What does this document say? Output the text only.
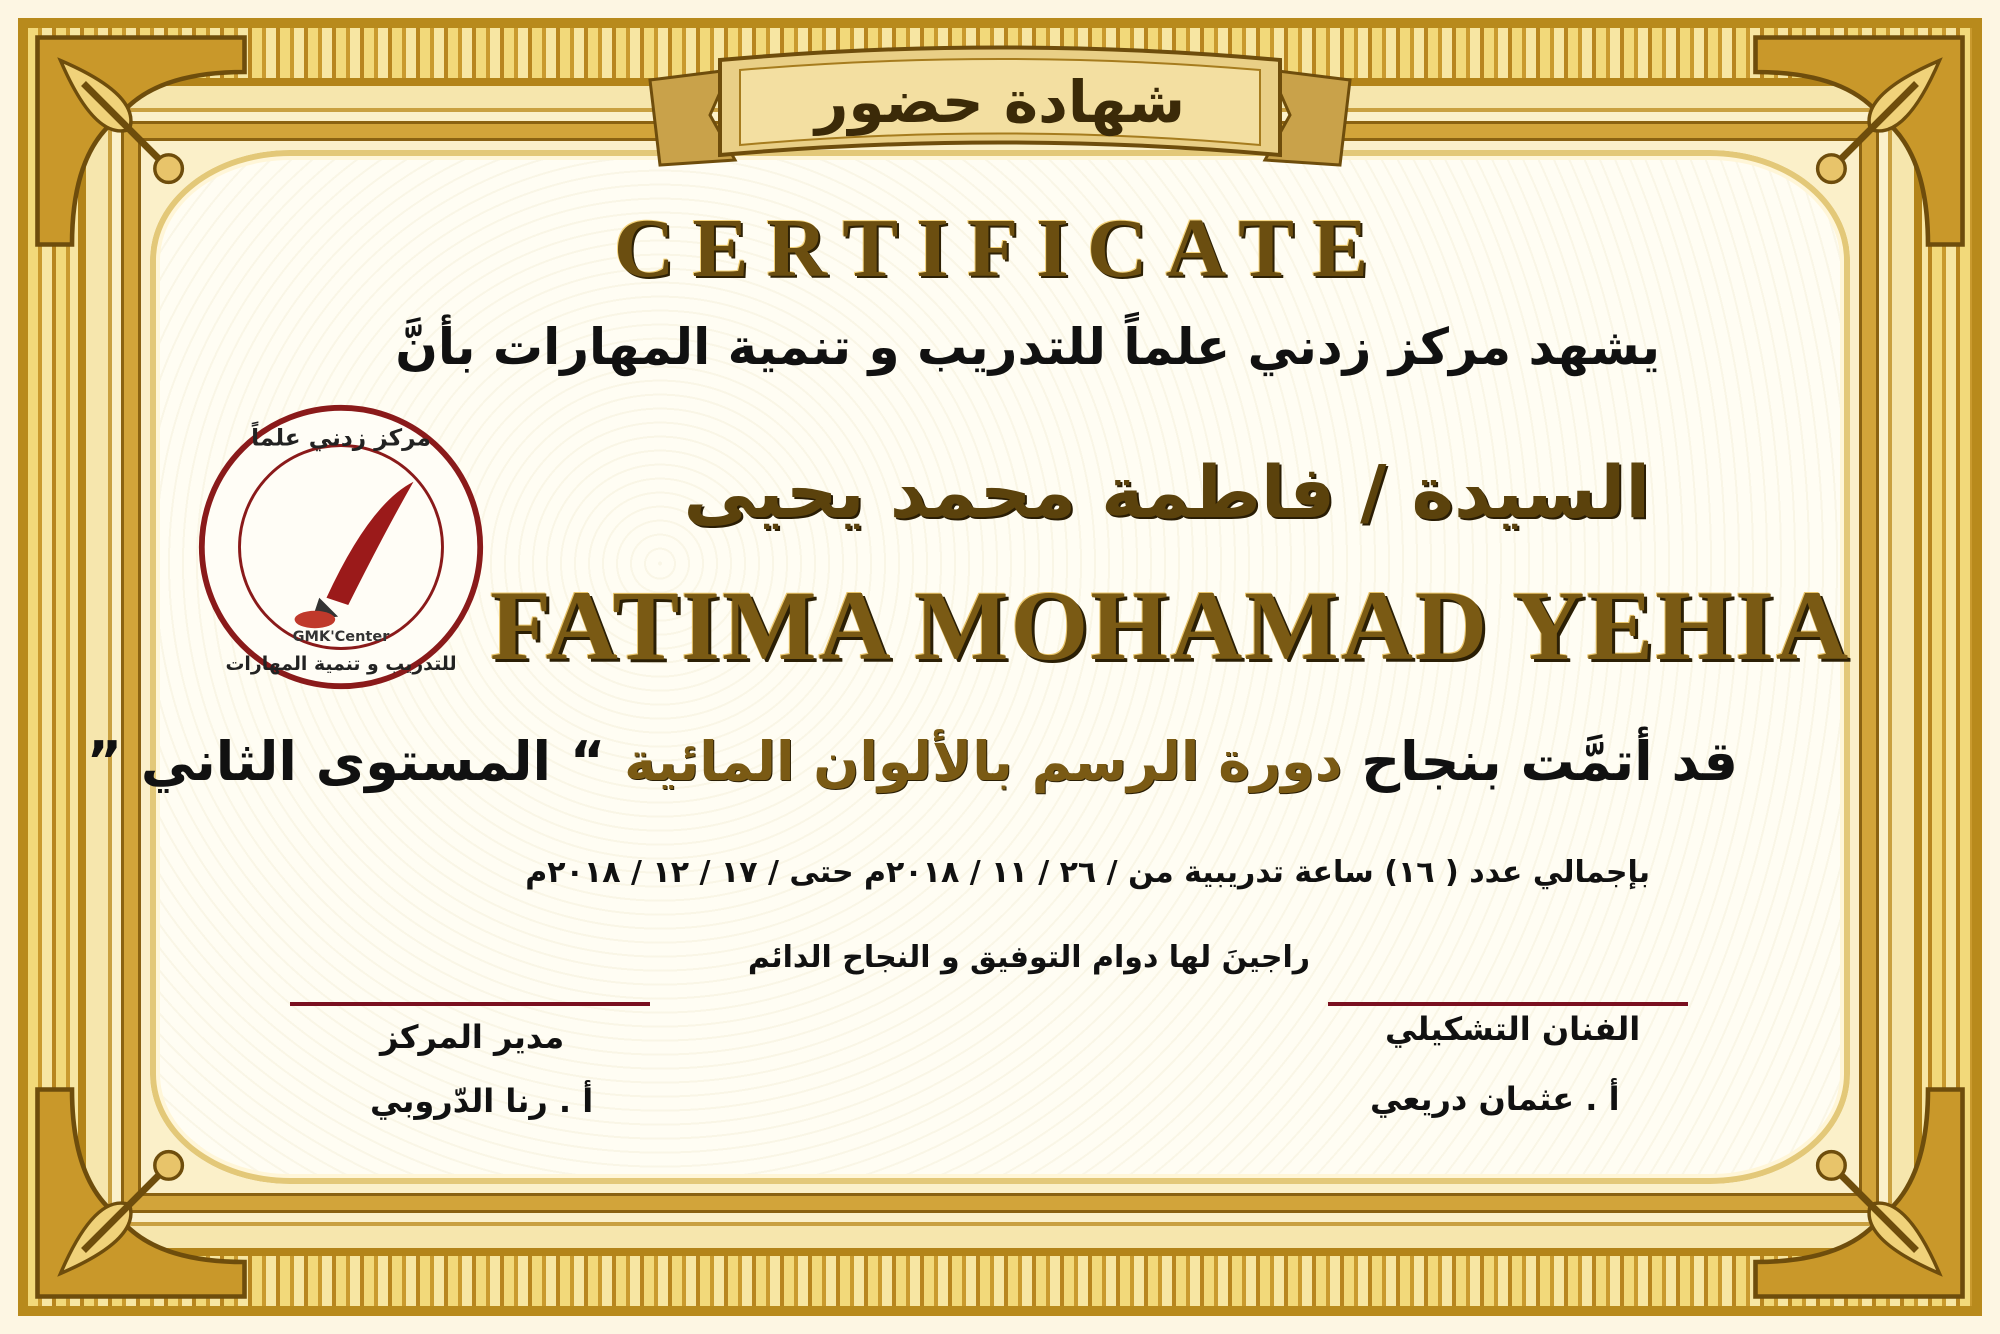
شهادة حضور
CERTIFICATE
يشهد مركز زدني علماً للتدريب و تنمية المهارات بأنَّ
السيدة / فاطمة محمد يحيى
FATIMA MOHAMAD YEHIA
قد أتمَّت بنجاح دورة الرسم بالألوان المائية “ المستوى الثاني ”
بإجمالي عدد ( ١٦) ساعة تدريبية من / ٢٦ / ١١ / ٢٠١٨م حتى / ١٧ / ١٢ / ٢٠١٨م
راجينَ لها دوام التوفيق و النجاح الدائم
مركز زدني علماً
للتدريب و تنمية المهارات
GMK'Center
مدير المركز
أ . رنا الدّروبي
الفنان التشكيلي
أ . عثمان دريعي
